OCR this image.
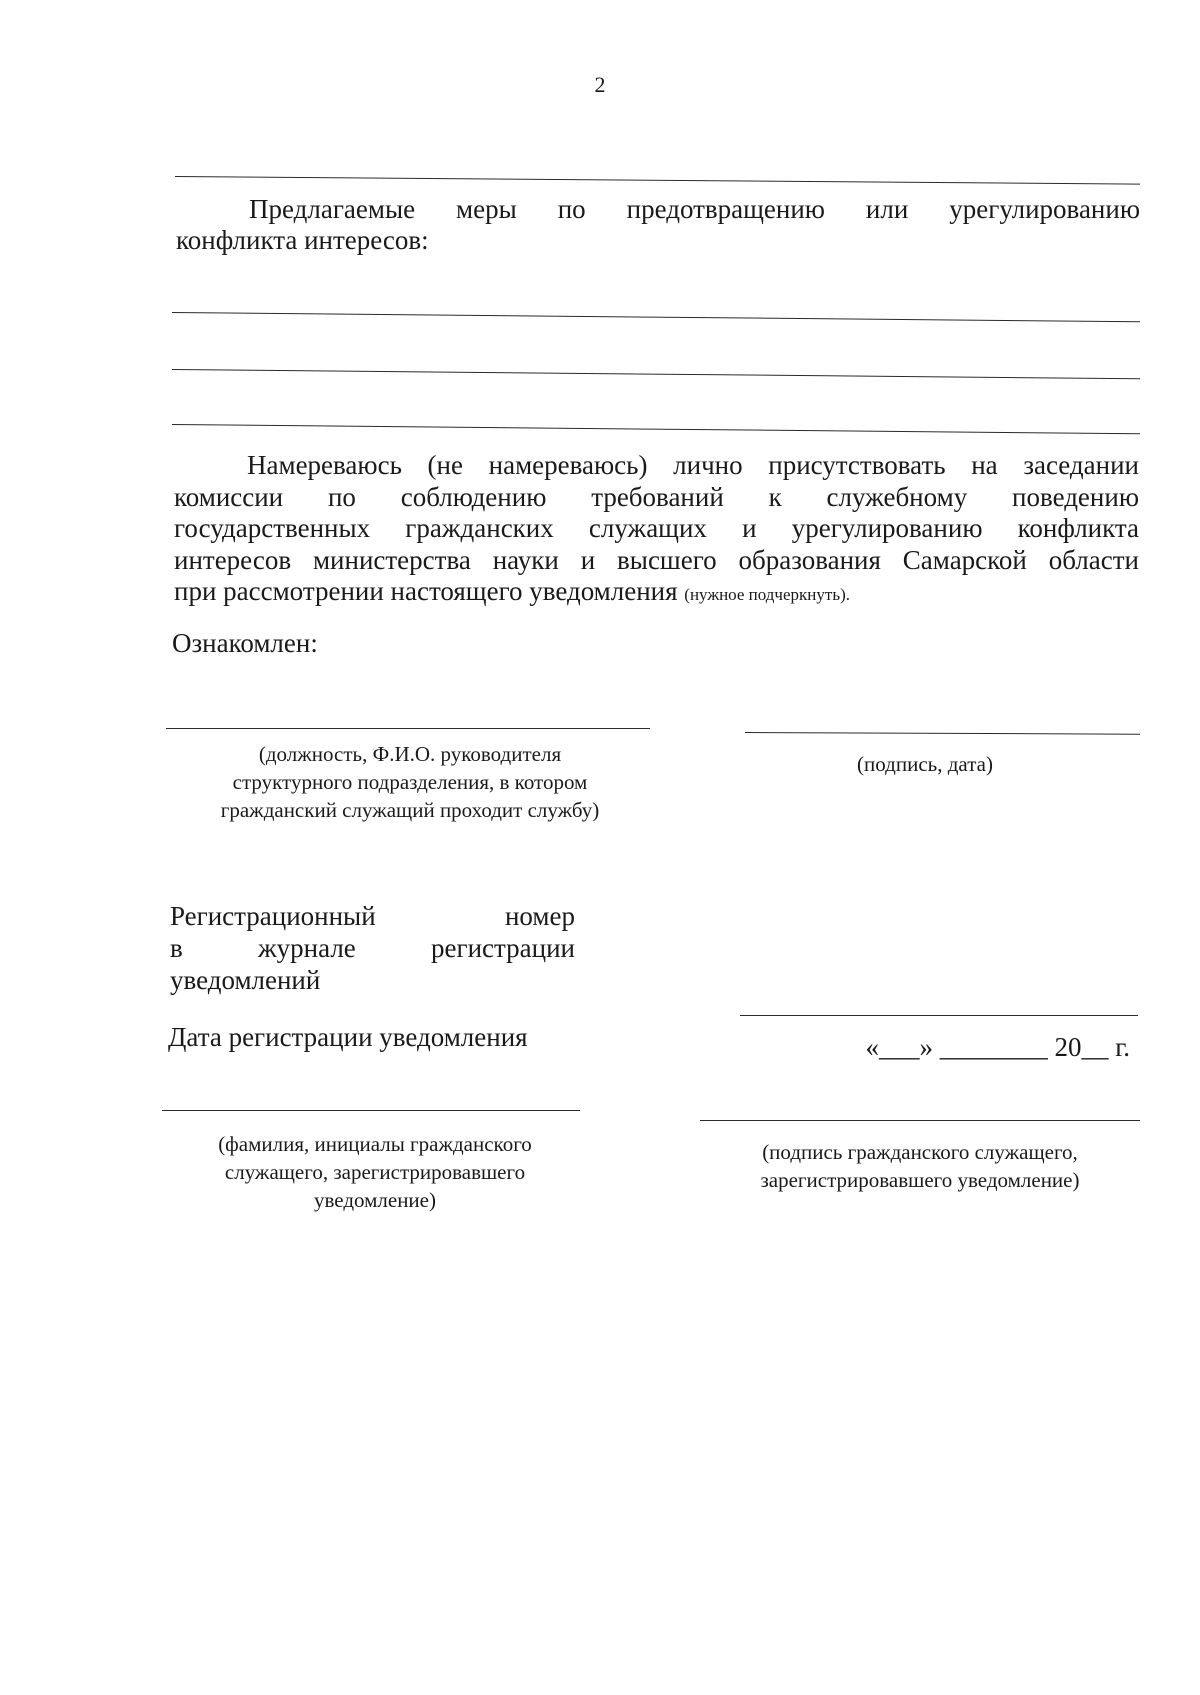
2
Предлагаемые меры по предотвращению или урегулированию
конфликта интересов:
Намереваюсь (не намереваюсь) лично присутствовать на заседании
комиссии по соблюдению требований к служебному поведению
государственных гражданских служащих и урегулированию конфликта
интересов министерства науки и высшего образования Самарской области
при рассмотрении настоящего уведомления (нужное подчеркнуть).
Ознакомлен:
(должность, Ф.И.О. руководителя
структурного подразделения, в котором
гражданский служащий проходит службу)
(подпись, дата)
Регистрационный	номер
в	журнале	регистрации
уведомлений
Дата регистрации уведомления	«___» ________ 20__ г.
(фамилия, инициалы гражданского
служащего, зарегистрировавшего
уведомление)
(подпись гражданского служащего,
зарегистрировавшего уведомление)
